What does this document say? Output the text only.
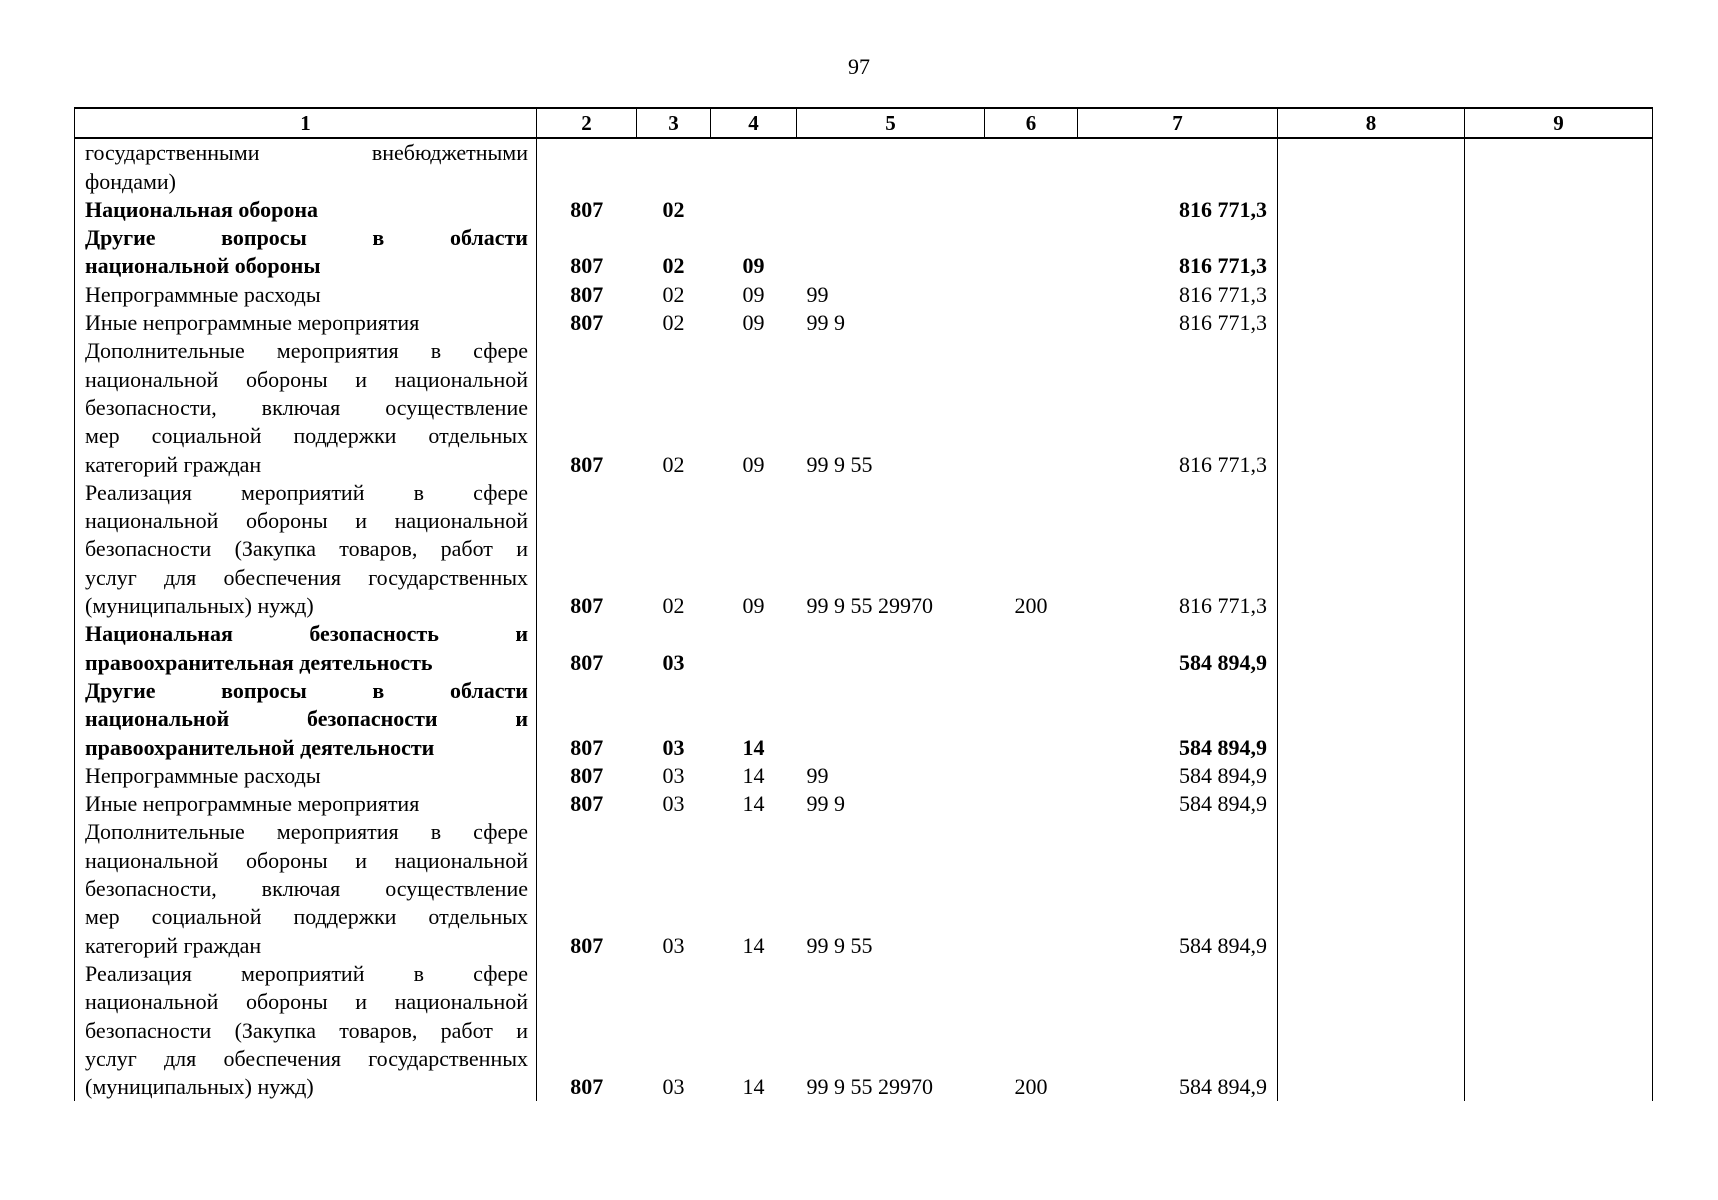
97
1	2	3	4	5	6	7	8	9

государственными внебюджетными
фондами)								

Национальная оборона	807	02				816 771,3		

Другие вопросы в области
национальной обороны	807	02	09			816 771,3		

Непрограммные расходы	807	02	09	99		816 771,3		

Иные непрограммные мероприятия	807	02	09	99 9		816 771,3		

Дополнительные мероприятия в сфере
национальной обороны и национальной
безопасности, включая осуществление
мер социальной поддержки отдельных
категорий граждан	807	02	09	99 9 55		816 771,3		

Реализация мероприятий в сфере
национальной обороны и национальной
безопасности (Закупка товаров, работ и
услуг для обеспечения государственных
(муниципальных) нужд)	807	02	09	99 9 55 29970	200	816 771,3		

Национальная безопасность и
правоохранительная деятельность	807	03				584 894,9		

Другие вопросы в области
национальной безопасности и
правоохранительной деятельности	807	03	14			584 894,9		

Непрограммные расходы	807	03	14	99		584 894,9		

Иные непрограммные мероприятия	807	03	14	99 9		584 894,9		

Дополнительные мероприятия в сфере
национальной обороны и национальной
безопасности, включая осуществление
мер социальной поддержки отдельных
категорий граждан	807	03	14	99 9 55		584 894,9		

Реализация мероприятий в сфере
национальной обороны и национальной
безопасности (Закупка товаров, работ и
услуг для обеспечения государственных
(муниципальных) нужд)	807	03	14	99 9 55 29970	200	584 894,9		
